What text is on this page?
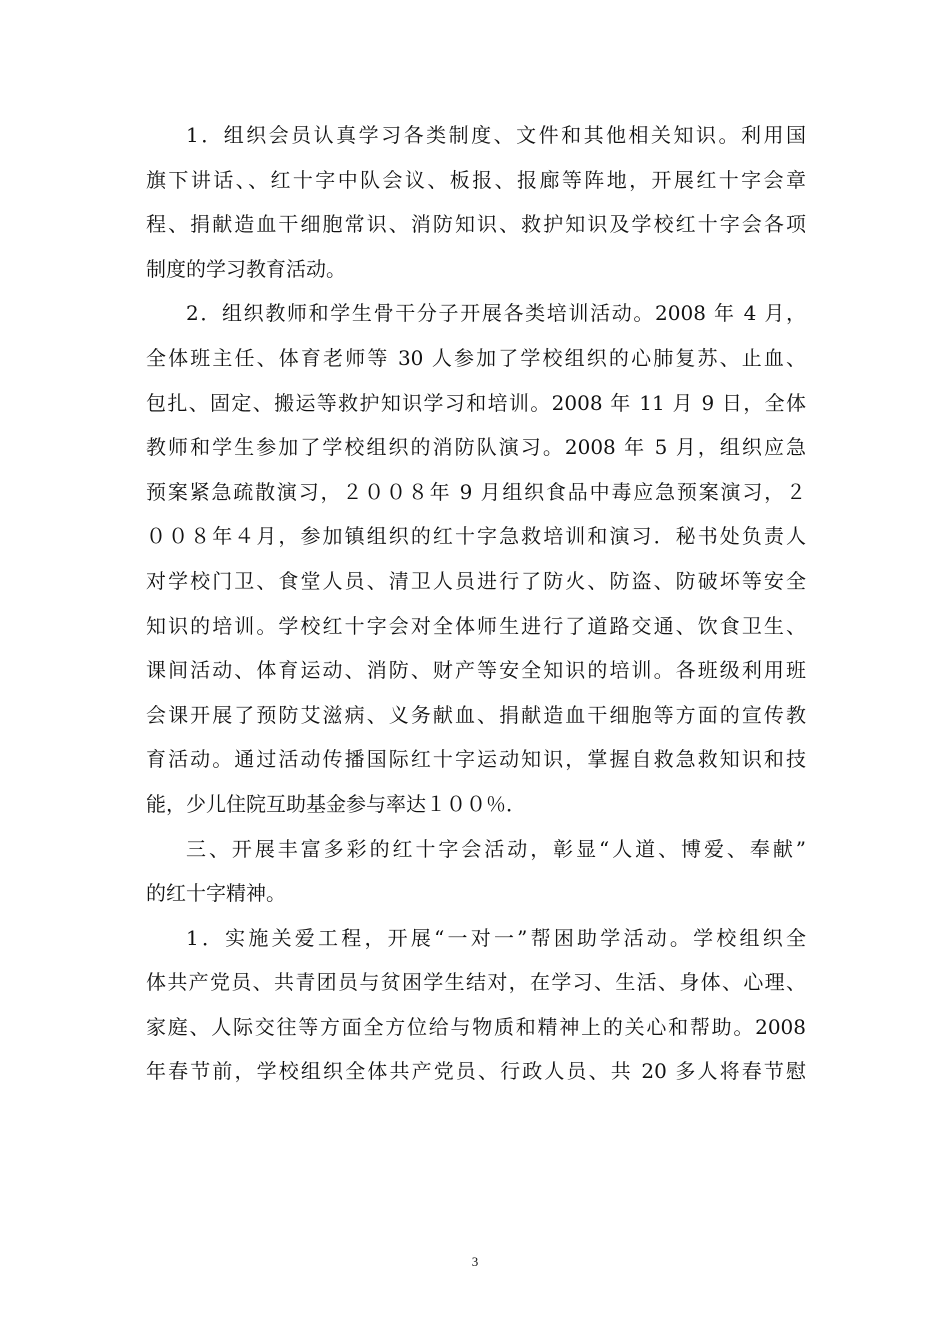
1．组织会员认真学习各类制度、文件和其他相关知识。利用国
旗下讲话、、红十字中队会议、板报、报廊等阵地，开展红十字会章
程、捐献造血干细胞常识、消防知识、救护知识及学校红十字会各项
制度的学习教育活动。
2．组织教师和学生骨干分子开展各类培训活动。2008 年 4 月，
全体班主任、体育老师等 30 人参加了学校组织的心肺复苏、止血、
包扎、固定、搬运等救护知识学习和培训。2008 年 11 月 9 日，全体
教师和学生参加了学校组织的消防队演习。2008 年 5 月，组织应急
预案紧急疏散演习，２００８年 9 月组织食品中毒应急预案演习，２
００８年４月，参加镇组织的红十字急救培训和演习．秘书处负责人
对学校门卫、食堂人员、清卫人员进行了防火、防盗、防破坏等安全
知识的培训。学校红十字会对全体师生进行了道路交通、饮食卫生、
课间活动、体育运动、消防、财产等安全知识的培训。各班级利用班
会课开展了预防艾滋病、义务献血、捐献造血干细胞等方面的宣传教
育活动。通过活动传播国际红十字运动知识，掌握自救急救知识和技
能，少儿住院互助基金参与率达１００％．
三、开展丰富多彩的红十字会活动，彰显“人道、博爱、奉献”
的红十字精神。
1．实施关爱工程，开展“一对一”帮困助学活动。学校组织全
体共产党员、共青团员与贫困学生结对，在学习、生活、身体、心理、
家庭、人际交往等方面全方位给与物质和精神上的关心和帮助。2008
年春节前，学校组织全体共产党员、行政人员、共 20 多人将春节慰
3
